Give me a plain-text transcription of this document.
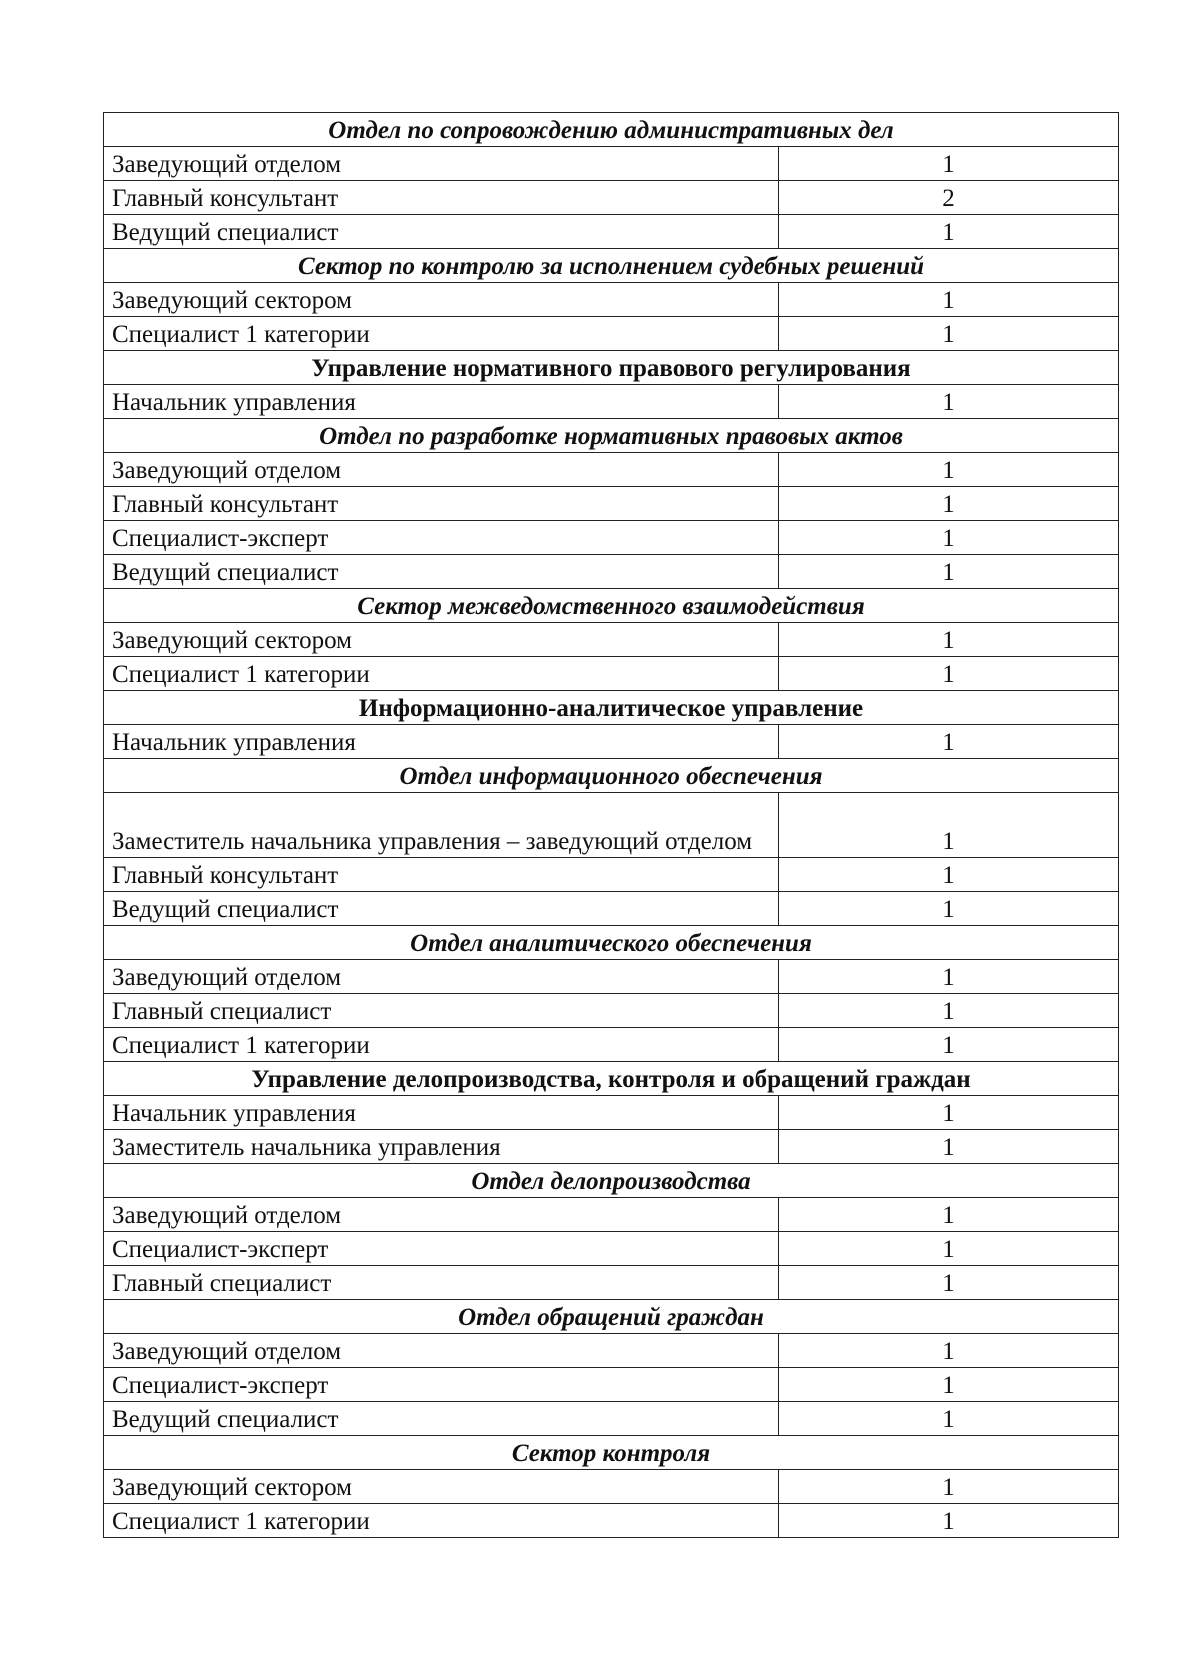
Отдел по сопровождению административных дел	
Заведующий отделом	1
Главный консультант	2
Ведущий специалист	1
Сектор по контролю за исполнением судебных решений	
Заведующий сектором	1
Специалист 1 категории	1
Управление нормативного правового регулирования	
Начальник управления	1
Отдел по разработке нормативных правовых актов	
Заведующий отделом	1
Главный консультант	1
Специалист-эксперт	1
Ведущий специалист	1
Сектор межведомственного взаимодействия	
Заведующий сектором	1
Специалист 1 категории	1
Информационно-аналитическое управление	
Начальник управления	1
Отдел информационного обеспечения	
Заместитель начальника управления – заведующий отделом	1
Главный консультант	1
Ведущий специалист	1
Отдел аналитического обеспечения	
Заведующий отделом	1
Главный специалист	1
Специалист 1 категории	1
Управление делопроизводства, контроля и обращений граждан	
Начальник управления	1
Заместитель начальника управления	1
Отдел делопроизводства	
Заведующий отделом	1
Специалист-эксперт	1
Главный специалист	1
Отдел обращений граждан	
Заведующий отделом	1
Специалист-эксперт	1
Ведущий специалист	1
Сектор контроля	
Заведующий сектором	1
Специалист 1 категории	1
